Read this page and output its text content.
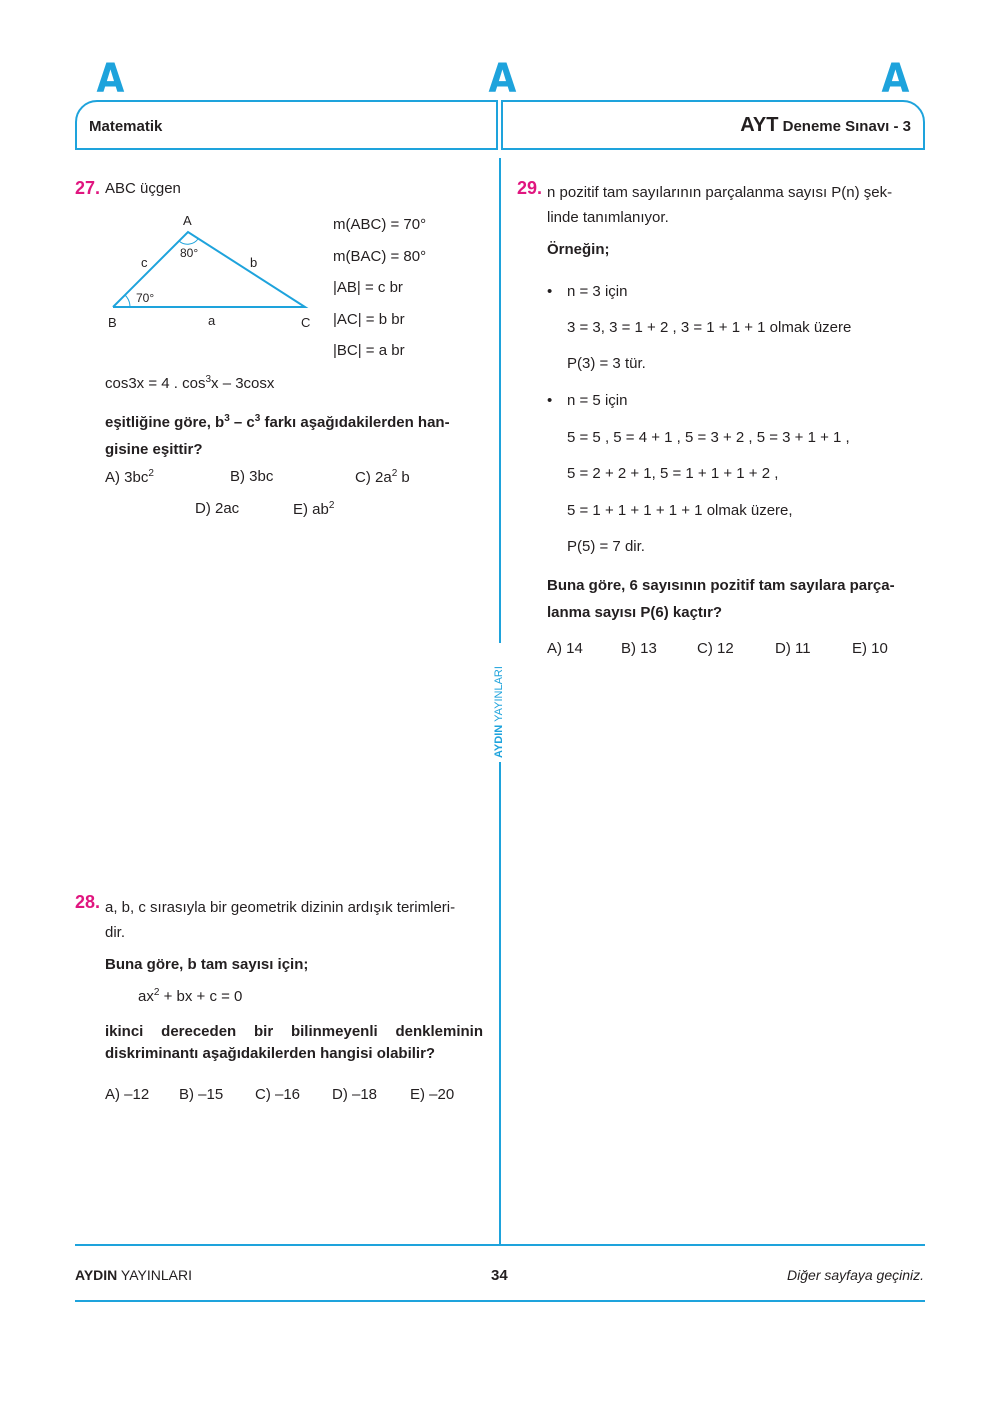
A	A	A
Matematik	AYT Deneme Sınavı - 3
AYDIN YAYINLARI
27. ABC üçgen
A
B	C
a
b
c
80°
70°
m(ABC) = 70°
m(BAC) = 80°
|AB| = c br
|AC| = b br
|BC| = a br
cos3x = 4 . $\cos^3x - 3\cos x$
eşitliğine göre, $b^3 - c^3$ farkı aşağıdakilerden han-
gisine eşittir?
A) $3bc^2$	B) 3bc	C) $2a^2$ b
D) 2ac	E) $ab^2$
28. a, b, c sırasıyla bir geometrik dizinin ardışık terimleri-
dir.
Buna göre, b tam sayısı için;
$ax^2$ + bx + c = 0
ikinci dereceden bir bilinmeyenli denkleminin
diskriminantı aşağıdakilerden hangisi olabilir?
A) –12 B) –15 C) –16 D) –18 E) –20
29. n pozitif tam sayılarının parçalanma sayısı P(n) şek-
linde tanımlanıyor.
Örneğin;
• n = 3 için
3 = 3, 3 = 1 + 2 , 3 = 1 + 1 + 1 olmak üzere
P(3) = 3 tür.
• n = 5 için
5 = 5 , 5 = 4 + 1 , 5 = 3 + 2 , 5 = 3 + 1 + 1 ,
5 = 2 + 2 + 1, 5 = 1 + 1 + 1 + 2 ,
5 = 1 + 1 + 1 + 1 + 1 olmak üzere,
P(5) = 7 dir.
Buna göre, 6 sayısının pozitif tam sayılara parça-
lanma sayısı P(6) kaçtır?
A) 14	B) 13	C) 12	D) 11	E) 10
AYDIN YAYINLARI	34	Diğer sayfaya geçiniz.
